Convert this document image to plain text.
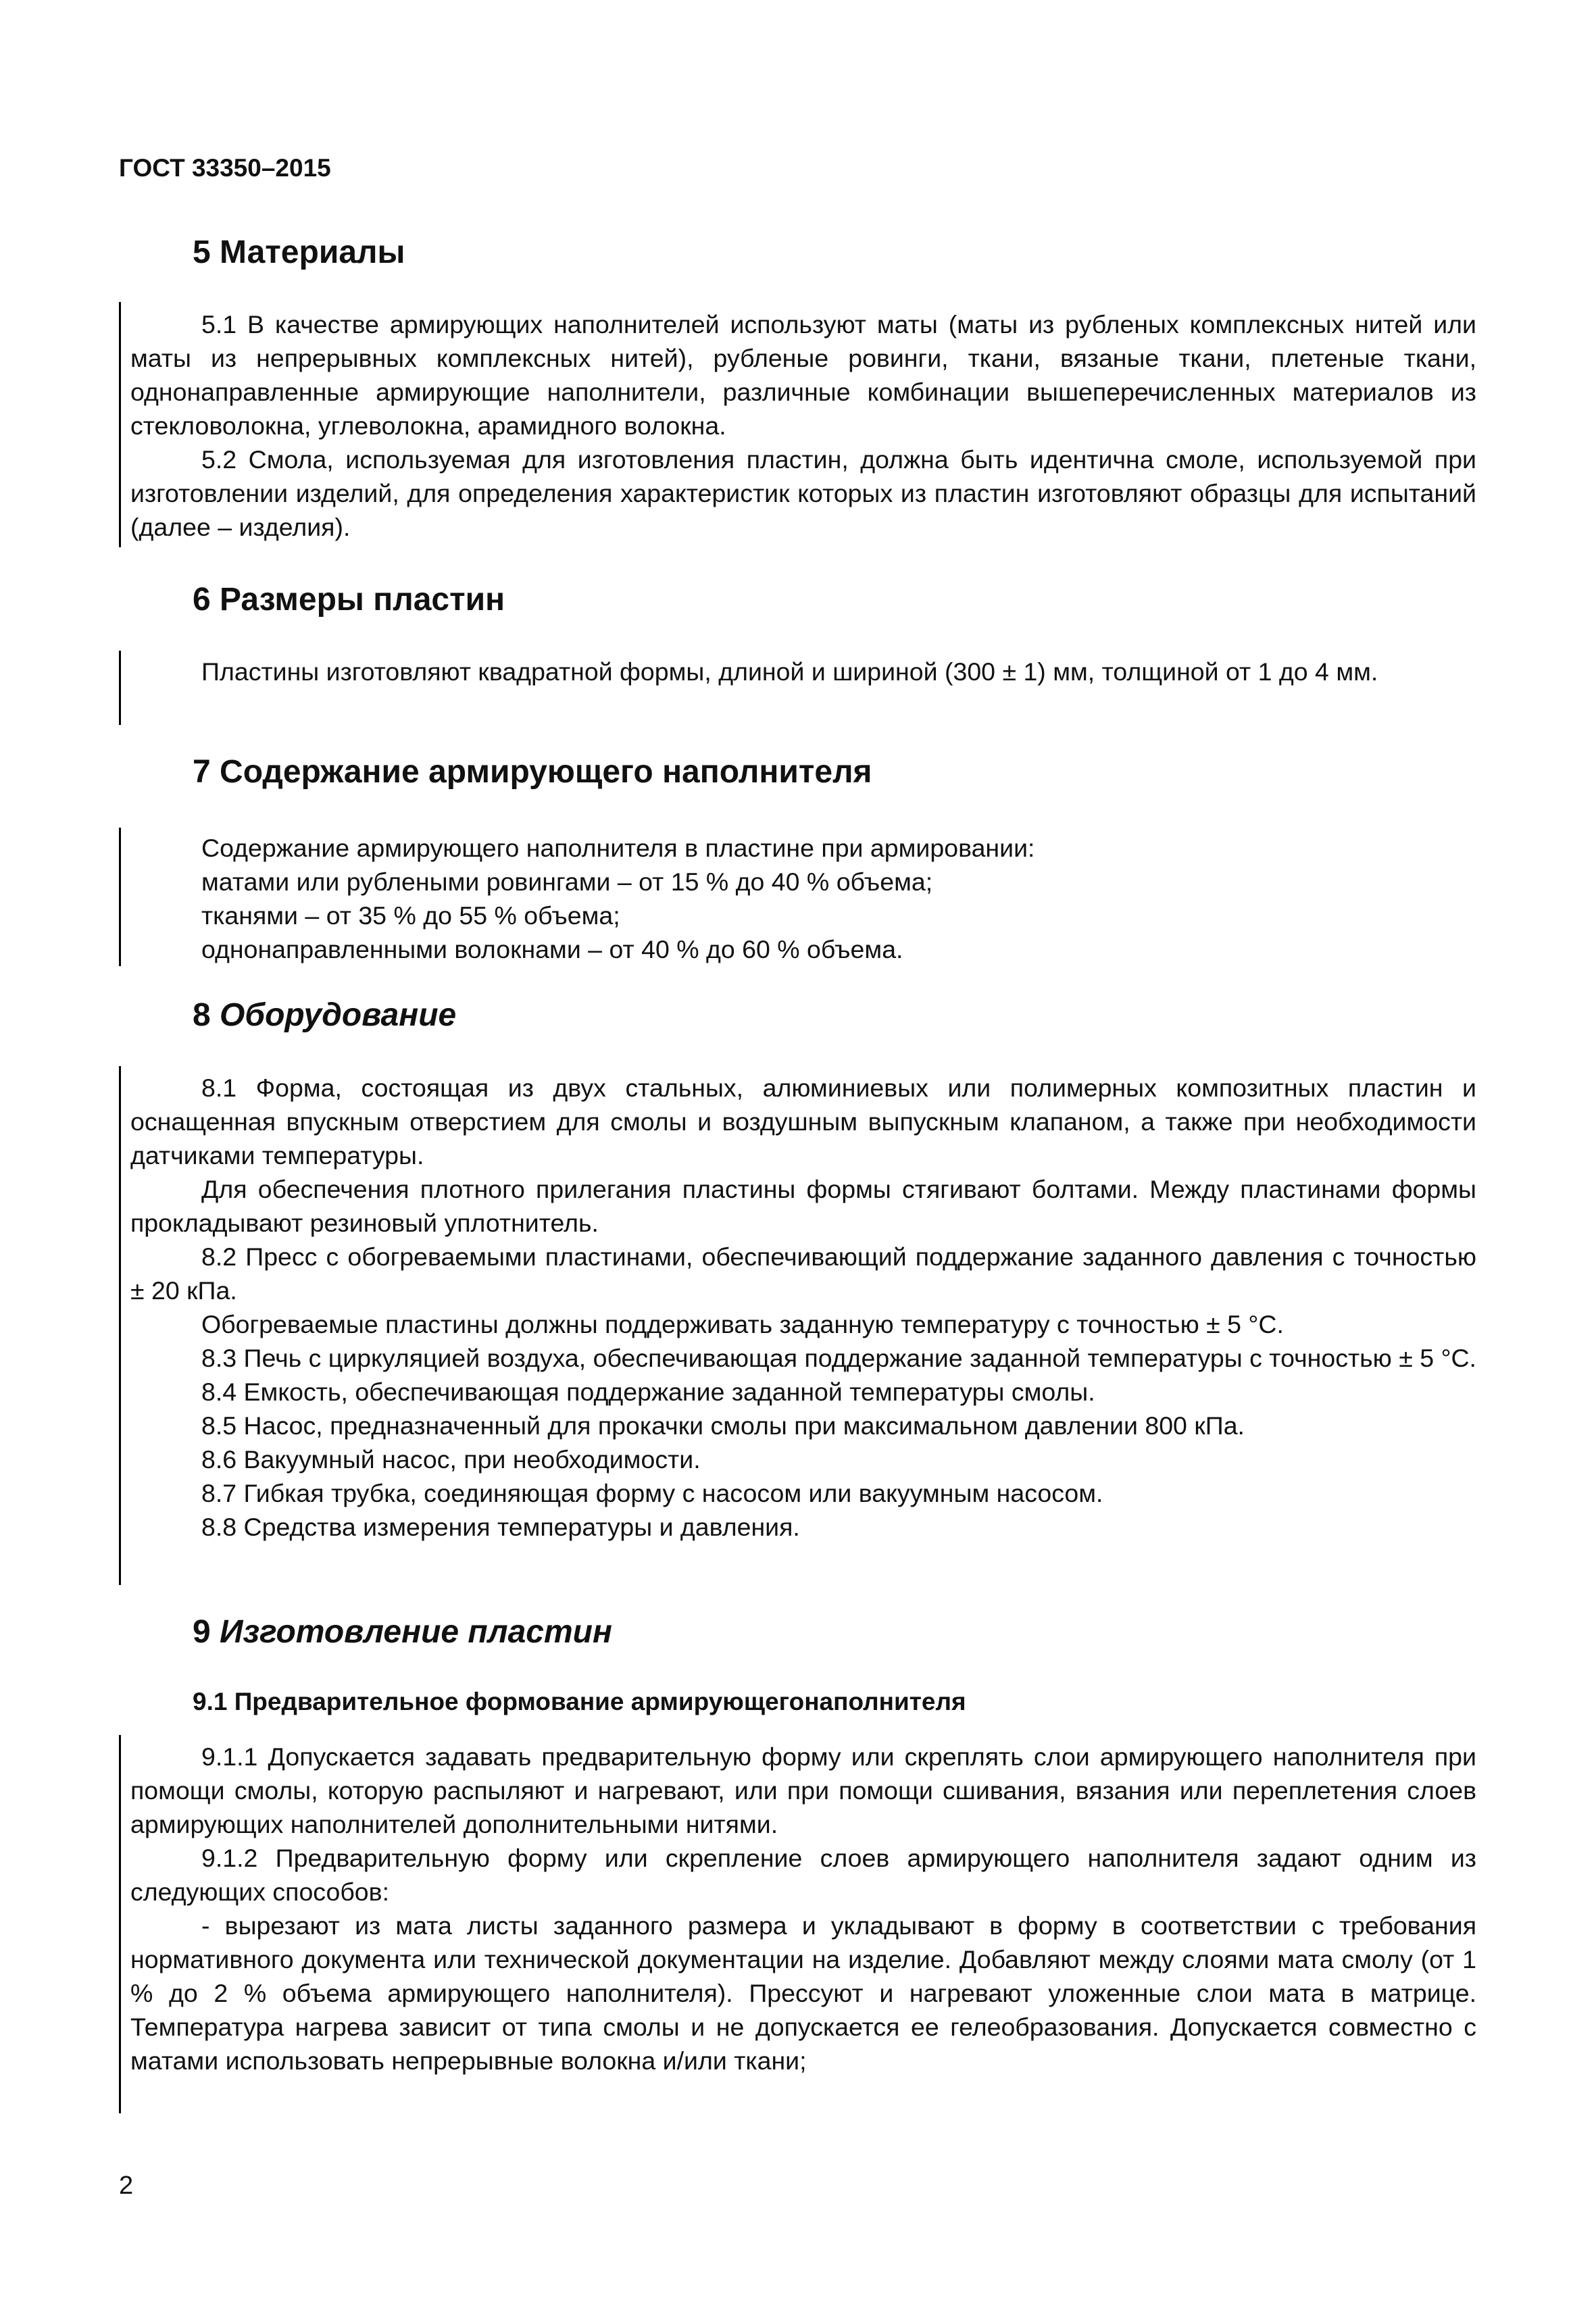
ГОСТ 33350–2015
5 Материалы

5.1 В качестве армирующих наполнителей используют маты (маты из рубленых комплексных нитей или маты из непрерывных комплексных нитей), рубленые ровинги, ткани, вязаные ткани, плетеные ткани, однонаправленные армирующие наполнители, различные комбинации вышеперечисленных материалов из стекловолокна, углеволокна, арамидного волокна.

5.2 Смола, используемая для изготовления пластин, должна быть идентична смоле, используемой при изготовлении изделий, для определения характеристик которых из пластин изготовляют образцы для испытаний (далее – изделия).

6 Размеры пластин

Пластины изготовляют квадратной формы, длиной и шириной (300 ± 1) мм, толщиной от 1 до 4 мм.

7 Содержание армирующего наполнителя

Содержание армирующего наполнителя в пластине при армировании:

матами или рублеными ровингами – от 15 % до 40 % объема;

тканями – от 35 % до 55 % объема;

однонаправленными волокнами – от 40 % до 60 % объема.

8 Оборудование

8.1 Форма, состоящая из двух стальных, алюминиевых или полимерных композитных пластин и оснащенная впускным отверстием для смолы и воздушным выпускным клапаном, а также при необходимости датчиками температуры.

Для обеспечения плотного прилегания пластины формы стягивают болтами. Между пластинами формы прокладывают резиновый уплотнитель.

8.2 Пресс с обогреваемыми пластинами, обеспечивающий поддержание заданного давления с точностью ± 20 кПа.

Обогреваемые пластины должны поддерживать заданную температуру с точностью ± 5 °С.

8.3 Печь с циркуляцией воздуха, обеспечивающая поддержание заданной температуры с точностью ± 5 °С.

8.4 Емкость, обеспечивающая поддержание заданной температуры смолы.

8.5 Насос, предназначенный для прокачки смолы при максимальном давлении 800 кПа.

8.6 Вакуумный насос, при необходимости.

8.7 Гибкая трубка, соединяющая форму с насосом или вакуумным насосом.

8.8 Средства измерения температуры и давления.

9 Изготовление пластин
9.1 Предварительное формование армирующегонаполнителя

9.1.1 Допускается задавать предварительную форму или скреплять слои армирующего наполнителя при помощи смолы, которую распыляют и нагревают, или при помощи сшивания, вязания или переплетения слоев армирующих наполнителей дополнительными нитями.

9.1.2 Предварительную форму или скрепление слоев армирующего наполнителя задают одним из следующих способов:

- вырезают из мата листы заданного размера и укладывают в форму в соответствии с требования нормативного документа или технической документации на изделие. Добавляют между слоями мата смолу (от 1 % до 2 % объема армирующего наполнителя). Прессуют и нагревают уложенные слои мата в матрице. Температура нагрева зависит от типа смолы и не допускается ее гелеобразования. Допускается совместно с матами использовать непрерывные волокна и/или ткани;

2
